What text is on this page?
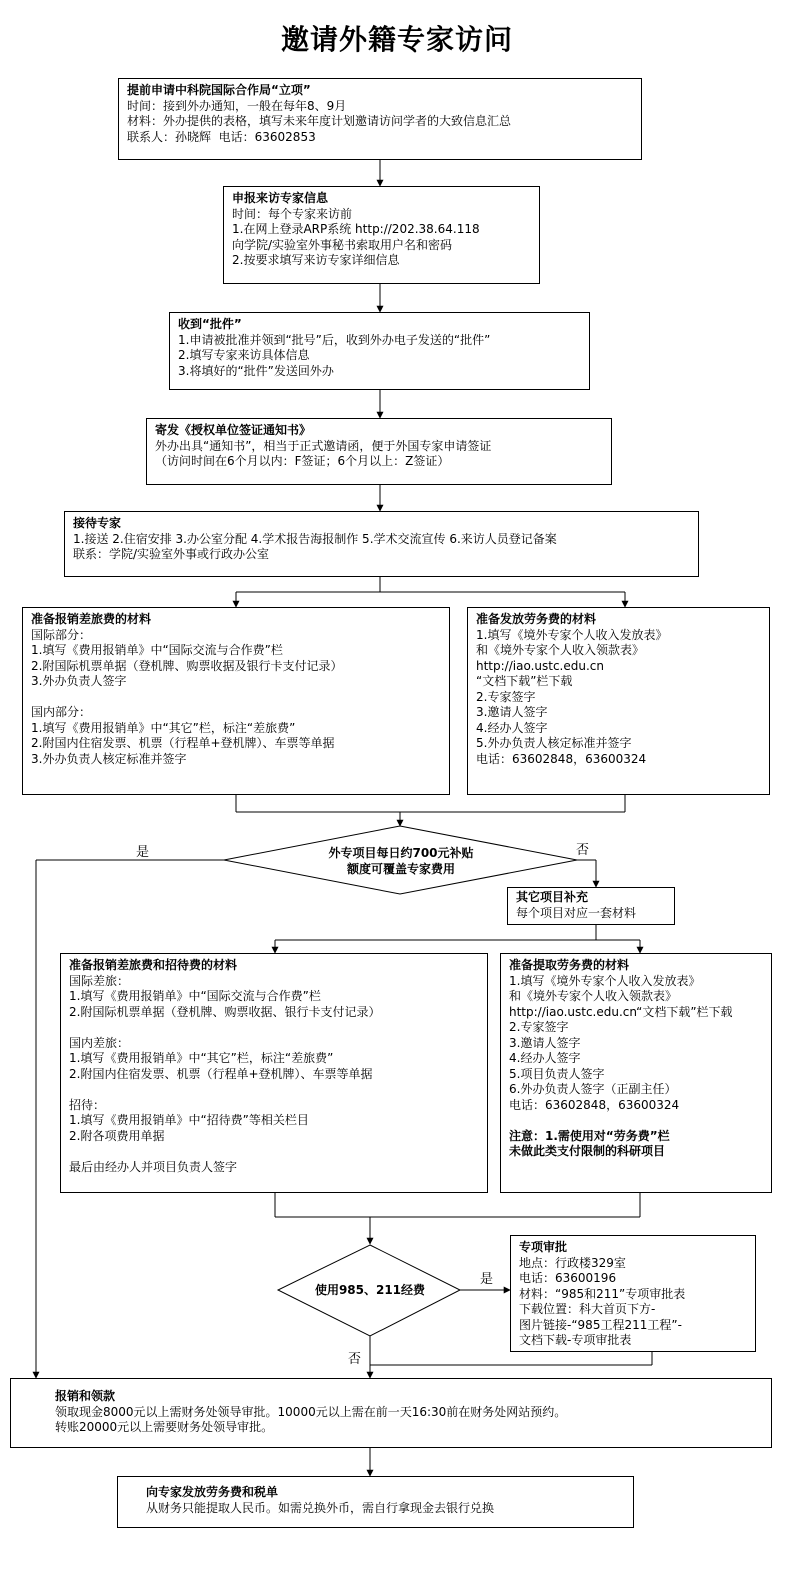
邀请外籍专家访问
提前申请中科院国际合作局“立项”
时间：接到外办通知，一般在每年8、9月
材料：外办提供的表格，填写未来年度计划邀请访问学者的大致信息汇总
联系人：孙晓辉  电话：63602853
申报来访专家信息
时间：每个专家来访前
1.在网上登录ARP系统 http://202.38.64.118
向学院/实验室外事秘书索取用户名和密码
2.按要求填写来访专家详细信息
收到“批件”
1.申请被批准并领到“批号”后，收到外办电子发送的“批件”
2.填写专家来访具体信息
3.将填好的“批件”发送回外办
寄发《授权单位签证通知书》
外办出具“通知书”，相当于正式邀请函，便于外国专家申请签证
（访问时间在6个月以内：F签证；6个月以上：Z签证）
接待专家
1.接送 2.住宿安排 3.办公室分配 4.学术报告海报制作 5.学术交流宣传 6.来访人员登记备案
联系：学院/实验室外事或行政办公室
准备报销差旅费的材料
国际部分：
1.填写《费用报销单》中“国际交流与合作费”栏
2.附国际机票单据（登机牌、购票收据及银行卡支付记录）
3.外办负责人签字

国内部分：
1.填写《费用报销单》中“其它”栏，标注“差旅费”
2.附国内住宿发票、机票（行程单+登机牌）、车票等单据
3.外办负责人核定标准并签字
准备发放劳务费的材料
1.填写《境外专家个人收入发放表》
和《境外专家个人收入领款表》
http://iao.ustc.edu.cn
“文档下载”栏下载
2.专家签字
3.邀请人签字
4.经办人签字
5.外办负责人核定标准并签字
电话：63602848，63600324
其它项目补充
每个项目对应一套材料
准备报销差旅费和招待费的材料
国际差旅：
1.填写《费用报销单》中“国际交流与合作费”栏
2.附国际机票单据（登机牌、购票收据、银行卡支付记录）

国内差旅：
1.填写《费用报销单》中“其它”栏，标注“差旅费”
2.附国内住宿发票、机票（行程单+登机牌）、车票等单据

招待：
1.填写《费用报销单》中“招待费”等相关栏目
2.附各项费用单据

最后由经办人并项目负责人签字
准备提取劳务费的材料
1.填写《境外专家个人收入发放表》
和《境外专家个人收入领款表》
http://iao.ustc.edu.cn“文档下载”栏下载
2.专家签字
3.邀请人签字
4.经办人签字
5.项目负责人签字
6.外办负责人签字（正副主任）
电话：63602848，63600324

注意：1.需使用对“劳务费”栏
未做此类支付限制的科研项目
专项审批
地点：行政楼329室
电话：63600196
材料：“985和211”专项审批表
下载位置：科大首页下方-
图片链接-“985工程211工程”-
文档下载-专项审批表
报销和领款
领取现金8000元以上需财务处领导审批。10000元以上需在前一天16:30前在财务处网站预约。
转账20000元以上需要财务处领导审批。
向专家发放劳务费和税单
从财务只能提取人民币。如需兑换外币，需自行拿现金去银行兑换
外专项目每日约700元补贴
额度可覆盖专家费用
使用985、211经费
是	否
是
否
